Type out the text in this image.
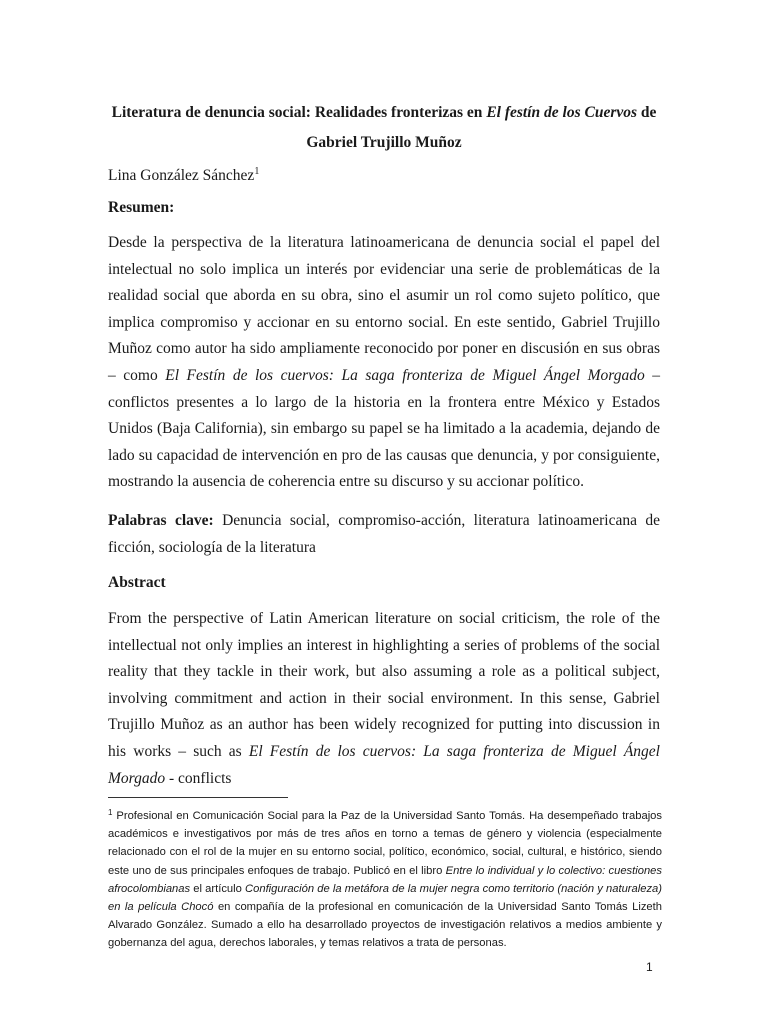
Literatura de denuncia social: Realidades fronterizas en El festín de los Cuervos de
Gabriel Trujillo Muñoz
Lina González Sánchez$^1$
Resumen:

Desde la perspectiva de la literatura latinoamericana de denuncia social el papel del intelectual no solo implica un interés por evidenciar una serie de problemáticas de la realidad social que aborda en su obra, sino el asumir un rol como sujeto político, que implica compromiso y accionar en su entorno social. En este sentido, Gabriel Trujillo Muñoz como autor ha sido ampliamente reconocido por poner en discusión en sus obras – como El Festín de los cuervos: La saga fronteriza de Miguel Ángel Morgado – conflictos presentes a lo largo de la historia en la frontera entre México y Estados Unidos (Baja California), sin embargo su papel se ha limitado a la academia, dejando de lado su capacidad de intervención en pro de las causas que denuncia, y por consiguiente, mostrando la ausencia de coherencia entre su discurso y su accionar político.

Palabras clave: Denuncia social, compromiso-acción, literatura latinoamericana de ficción, sociología de la literatura

Abstract

From the perspective of Latin American literature on social criticism, the role of the intellectual not only implies an interest in highlighting a series of problems of the social reality that they tackle in their work, but also assuming a role as a political subject, involving commitment and action in their social environment. In this sense, Gabriel Trujillo Muñoz as an author has been widely recognized for putting into discussion in his works – such as El Festín de los cuervos: La saga fronteriza de Miguel Ángel Morgado - conflicts

$^1$ Profesional en Comunicación Social para la Paz de la Universidad Santo Tomás. Ha desempeñado trabajos académicos e investigativos por más de tres años en torno a temas de género y violencia (especialmente relacionado con el rol de la mujer en su entorno social, político, económico, social, cultural, e histórico, siendo este uno de sus principales enfoques de trabajo. Publicó en el libro Entre lo individual y lo colectivo: cuestiones afrocolombianas el artículo Configuración de la metáfora de la mujer negra como territorio (nación y naturaleza) en la película Chocó en compañía de la profesional en comunicación de la Universidad Santo Tomás Lizeth Alvarado González. Sumado a ello ha desarrollado proyectos de investigación relativos a medios ambiente y gobernanza del agua, derechos laborales, y temas relativos a trata de personas.
1
